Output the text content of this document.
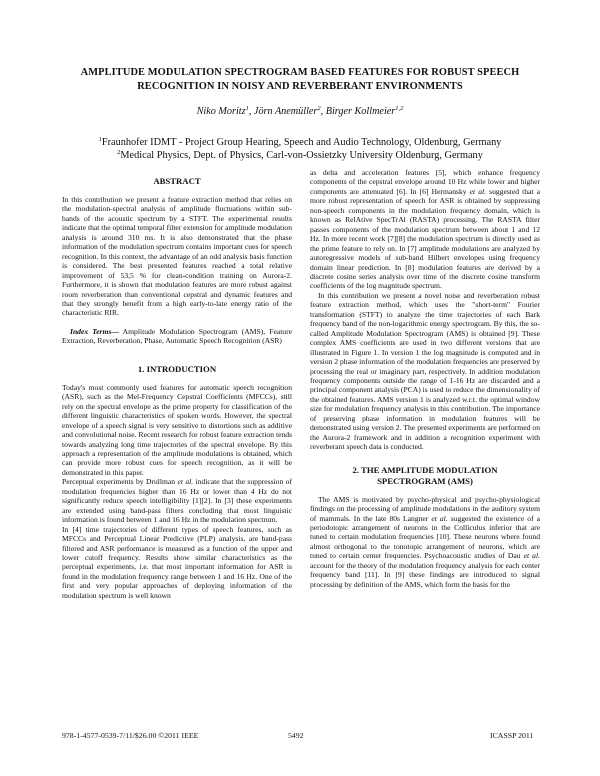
AMPLITUDE MODULATION SPECTROGRAM BASED FEATURES FOR ROBUST SPEECH RECOGNITION IN NOISY AND REVERBERANT ENVIRONMENTS
Niko Moritz$^1$, Jörn Anemüller$^2$, Birger Kollmeier$^{1,2}$
$^1$Fraunhofer IDMT - Project Group Hearing, Speech and Audio Technology, Oldenburg, Germany
$^2$Medical Physics, Dept. of Physics, Carl-von-Ossietzky University Oldenburg, Germany
ABSTRACT

In this contribution we present a feature extraction method that relies on the modulation-spectral analysis of amplitude fluctuations within sub-bands of the acoustic spectrum by a STFT. The experimental results indicate that the optimal temporal filter extension for amplitude modulation analysis is around 310 ms. It is also demonstrated that the phase information of the modulation spectrum contains important cues for speech recognition. In this context, the advantage of an odd analysis basis function is considered. The best presented features reached a total relative improvement of 53,5 % for clean-condition training on Aurora-2. Furthermore, it is shown that modulation features are more robust against room reverberation than conventional cepstral and dynamic features and that they strongly benefit from a high early-to-late energy ratio of the characteristic RIR.

Index Terms— Amplitude Modulation Spectrogram (AMS), Feature Extraction, Reverberation, Phase, Automatic Speech Recognition (ASR)

1. INTRODUCTION

Today's most commonly used features for automatic speech recognition (ASR), such as the Mel-Frequency Cepstral Coefficients (MFCCs), still rely on the spectral envelope as the prime property for classification of the different linguistic characteristics of spoken words. However, the spectral envelope of a speech signal is very sensitive to distortions such as additive and convolutional noise. Recent research for robust feature extraction tends towards analyzing long time trajectories of the spectral envelope. By this approach a representation of the amplitude modulations is obtained, which can provide more robust cues for speech recognition, as it will be demonstrated in this paper.

Perceptual experiments by Drullman et al. indicate that the suppression of modulation frequencies higher than 16 Hz or lower than 4 Hz do not significantly reduce speech intelligibility [1][2]. In [3] these experiments are extended using band-pass filters concluding that most linguistic information is found between 1 and 16 Hz in the modulation spectrum.

In [4] time trajectories of different types of speech features, such as MFCCs and Perceptual Linear Predictive (PLP) analysis, are band-pass filtered and ASR performance is measured as a function of the upper and lower cutoff frequency. Results show similar characteristics as the perceptual experiments, i.e. that most important information for ASR is found in the modulation frequency range between 1 and 16 Hz. One of the first and very popular approaches of deploying information of the modulation spectrum is well known

as delta and acceleration features [5], which enhance frequency components of the cepstral envelope around 10 Hz while lower and higher components are attenuated [6]. In [6] Hermansky et al. suggested that a more robust representation of speech for ASR is obtained by suppressing non-speech components in the modulation frequency domain, which is known as RelAtive SpecTrAl (RASTA) processing. The RASTA filter passes components of the modulation spectrum between about 1 and 12 Hz. In more recent work [7][8] the modulation spectrum is directly used as the prime feature to rely on. In [7] amplitude modulations are analyzed by autoregressive models of sub-band Hilbert envelopes using frequency domain linear prediction. In [8] modulation features are derived by a discrete cosine series analysis over time of the discrete cosine transform coefficients of the log magnitude spectrum.

In this contribution we present a novel noise and reverberation robust feature extraction method, which uses the "short-term" Fourier transformation (STFT) to analyze the time trajectories of each Bark frequency band of the non-logarithmic energy spectrogram. By this, the so-called Amplitude Modulation Spectrogram (AMS) is obtained [9]. These complex AMS coefficients are used in two different versions that are illustrated in Figure 1. In version 1 the log magnitude is computed and in version 2 phase information of the modulation frequencies are preserved by processing the real or imaginary part, respectively. In addition modulation frequency components outside the range of 1-16 Hz are discarded and a principal component analysis (PCA) is used to reduce the dimensionality of the obtained features. AMS version 1 is analyzed w.r.t. the optimal window size for modulation frequency analysis in this contribution. The importance of preserving phase information in modulation features will be demonstrated using version 2. The presented experiments are performed on the Aurora-2 framework and in addition a recognition experiment with reverberant speech data is conducted.

2. THE AMPLITUDE MODULATION
SPECTROGRAM (AMS)

The AMS is motivated by psycho-physical and psycho-physiological findings on the processing of amplitude modulations in the auditory system of mammals. In the late 80s Langner et al. suggested the existence of a periodotopic arrangement of neurons in the Colliculus inferior that are tuned to certain modulation frequencies [10]. These neurons where found almost orthogonal to the tonotopic arrangement of neurons, which are tuned to certain center frequencies. Psychoacoustic studies of Dau et al. account for the theory of the modulation frequency analysis for each center frequency band [11]. In [9] these findings are introduced to signal processing by definition of the AMS, which form the basis for the

978-1-4577-0539-7/11/$26.00 ©2011 IEEE	5492	ICASSP 2011
